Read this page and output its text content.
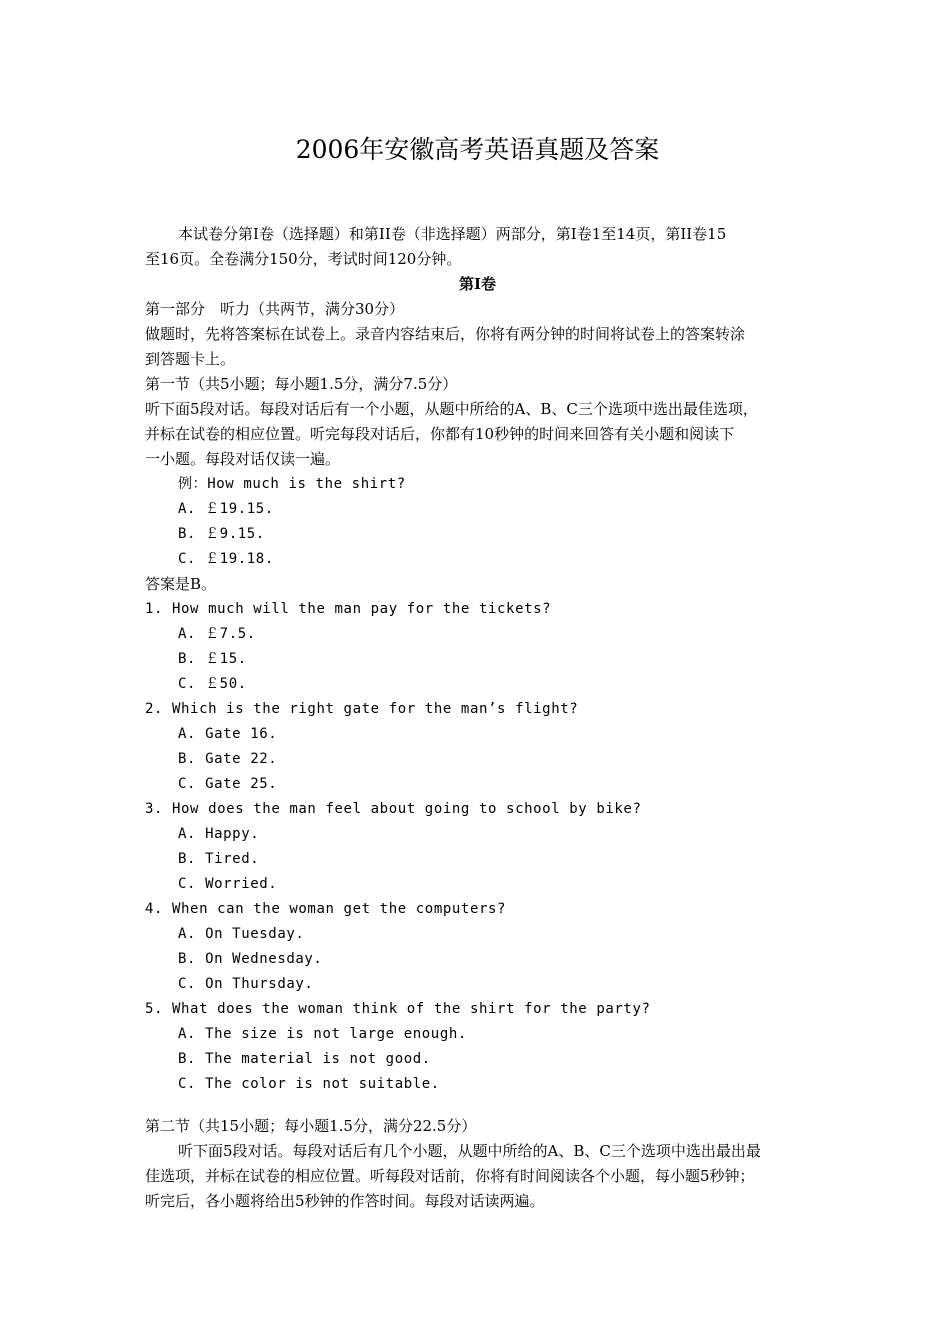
2006年安徽高考英语真题及答案
本试卷分第I卷（选择题）和第II卷（非选择题）两部分，第I卷1至14页，第II卷15
至16页。全卷满分150分，考试时间120分钟。
第I卷
第一部分　听力（共两节，满分30分）
做题时，先将答案标在试卷上。录音内容结束后，你将有两分钟的时间将试卷上的答案转涂
到答题卡上。
第一节（共5小题；每小题1.5分，满分7.5分）
听下面5段对话。每段对话后有一个小题，从题中所给的A、B、C三个选项中选出最佳选项，
并标在试卷的相应位置。听完每段对话后，你都有10秒钟的时间来回答有关小题和阅读下
一小题。每段对话仅读一遍。
例：How much is the shirt?
A. ￡19.15.
B. ￡9.15.
C. ￡19.18.
答案是B。
1. How much will the man pay for the tickets?
A. ￡7.5.
B. ￡15.
C. ￡50.
2. Which is the right gate for the man’s flight?
A. Gate 16.
B. Gate 22.
C. Gate 25.
3. How does the man feel about going to school by bike?
A. Happy.
B. Tired.
C. Worried.
4. When can the woman get the computers?
A. On Tuesday.
B. On Wednesday.
C. On Thursday.
5. What does the woman think of the shirt for the party?
A. The size is not large enough.
B. The material is not good.
C. The color is not suitable.
第二节（共15小题；每小题1.5分，满分22.5分）
听下面5段对话。每段对话后有几个小题，从题中所给的A、B、C三个选项中选出最出最
佳选项，并标在试卷的相应位置。听每段对话前，你将有时间阅读各个小题，每小题5秒钟；
听完后，各小题将给出5秒钟的作答时间。每段对话读两遍。
